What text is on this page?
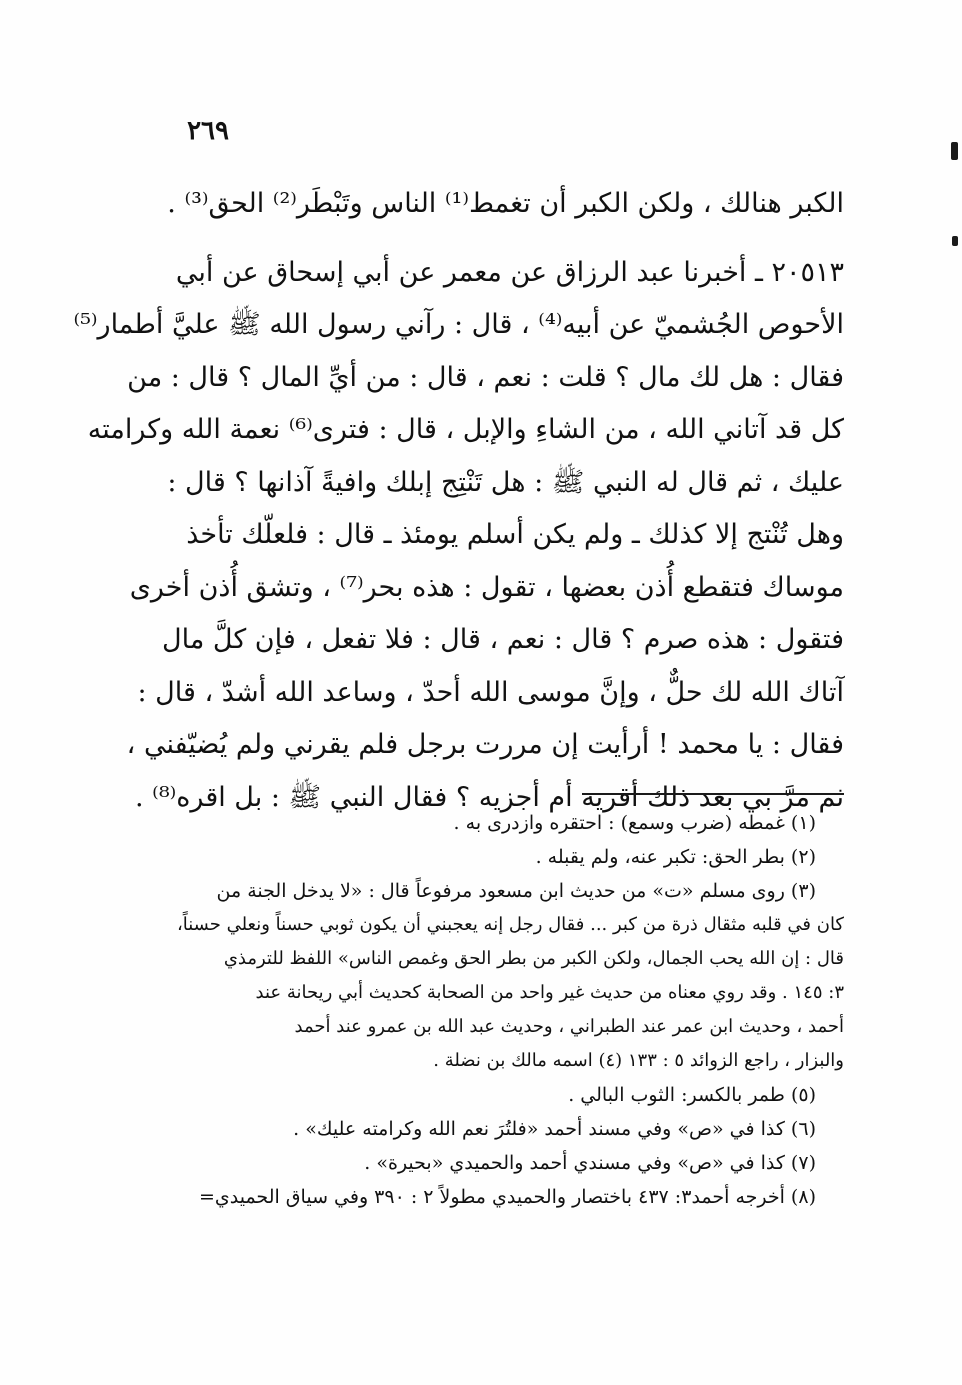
٢٦٩
الكبر هنالك ، ولكن الكبر أن تغمط⁽¹⁾ الناس وتَبْطَر⁽²⁾ الحق⁽³⁾ .
٢٠٥١٣ ـ أخبرنا عبد الرزاق عن معمر عن أبي إسحاق عن أبي
الأحوص الجُشميّ عن أبيه⁽⁴⁾ ، قال : رآني رسول الله ﷺ عليَّ أطمار⁽⁵⁾
فقال : هل لك مال ؟ قلت : نعم ، قال : من أيِّ المال ؟ قال : من
كل قد آتاني الله ، من الشاءِ والإبل ، قال : فترى⁽⁶⁾ نعمة الله وكرامته
عليك ، ثم قال له النبي ﷺ : هل تَنْتِج إبلك وافيةً آذانها ؟ قال :
وهل تُنْتج إلا كذلك ـ ولم يكن أسلم يومئذ ـ قال : فلعلّك تأخذ
موساك فتقطع أُذن بعضها ، تقول : هذه بحر⁽⁷⁾ ، وتشق أُذن أخرى
فتقول : هذه صرم ؟ قال : نعم ، قال : فلا تفعل ، فإن كلَّ مال
آتاك الله لك حلٌّ ، وإنَّ موسى الله أحدّ ، وساعد الله أشدّ ، قال :
فقال : يا محمد ! أرأيت إن مررت برجل فلم يقرني ولم يُضيّفني ،
ثم مرَّ بي بعد ذلك أقريه أم أجزيه ؟ فقال النبي ﷺ : بل اقره⁽⁸⁾ .
(١) غمطه (ضرب وسمع) : احتقره وازدرى به .
(٢) بطر الحق: تكبر عنه، ولم يقبله .
(٣) روى مسلم «ت» من حديث ابن مسعود مرفوعاً قال : «لا يدخل الجنة من
كان في قلبه مثقال ذرة من كبر ... فقال رجل إنه يعجبني أن يكون ثوبي حسناً ونعلي حسناً،
قال : إن الله يحب الجمال، ولكن الكبر من بطر الحق وغمص الناس» اللفظ للترمذي
٣: ١٤٥ . وقد روي معناه من حديث غير واحد من الصحابة كحديث أبي ريحانة عند
أحمد ، وحديث ابن عمر عند الطبراني ، وحديث عبد الله بن عمرو عند أحمد
والبزار ، راجع الزوائد ٥ : ١٣٣ (٤) اسمه مالك بن نضلة .
(٥) طمر بالكسر: الثوب البالي .
(٦) كذا في «ص» وفي مسند أحمد «فلتُرَ نعم الله وكرامته عليك» .
(٧) كذا في «ص» وفي مسندي أحمد والحميدي «بحيرة» .
(٨) أخرجه أحمد٣: ٤٣٧ باختصار والحميدي مطولاً ٢ : ٣٩٠ وفي سياق الحميدي=
